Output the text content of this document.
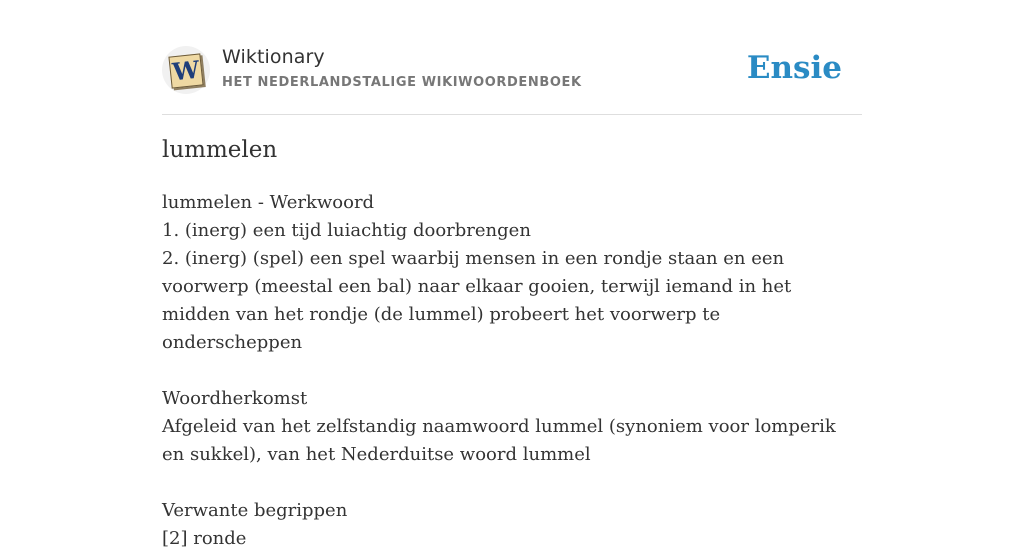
W Wiktionary
HET NEDERLANDSTALIGE WIKIWOORDENBOEK	Ensie
lummelen

lummelen - Werkwoord

1. (inerg) een tijd luiachtig doorbrengen

2. (inerg) (spel) een spel waarbij mensen in een rondje staan en een voorwerp (meestal een bal) naar elkaar gooien, terwijl iemand in het midden van het rondje (de lummel) probeert het voorwerp te onderscheppen

Woordherkomst

Afgeleid van het zelfstandig naamwoord lummel (synoniem voor lomperik en sukkel), van het Nederduitse woord lummel

Verwante begrippen

[2] ronde
